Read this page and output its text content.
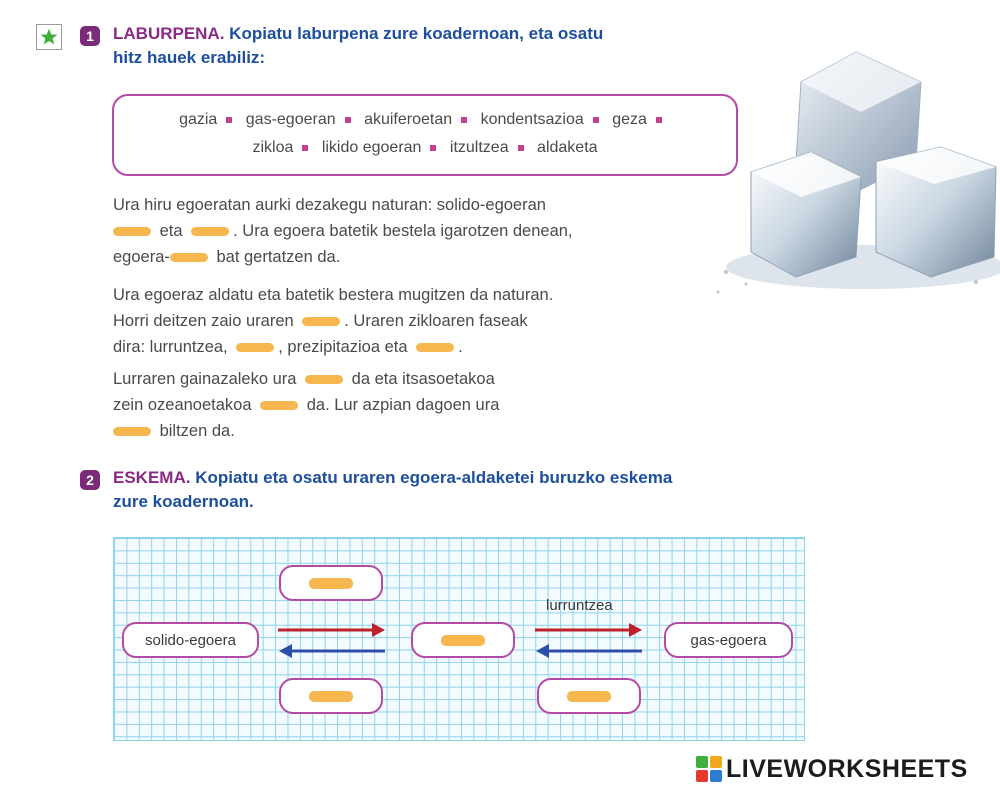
1	LABURPENA. Kopiatu laburpena zure koadernoan, eta osatu
hitz hauek erabiliz:
gazia gas-egoeran akuiferoetan kondentsazioa geza
zikloa likido egoeran itzultzea aldaketa
Ura hiru egoeratan aurki dezakegu naturan: solido-egoeran
eta	. Ura egoera batetik bestela igarotzen denean,
egoera-	bat gertatzen da.
Ura egoeraz aldatu eta batetik bestera mugitzen da naturan.
Horri deitzen zaio uraren	. Uraren zikloaren faseak
dira: lurruntzea,	, prezipitazioa eta	.
Lurraren gainazaleko ura	da eta itsasoetakoa
zein ozeanoetakoa	da. Lur azpian dagoen ura
biltzen da.
2	ESKEMA. Kopiatu eta osatu uraren egoera-aldaketei buruzko eskema
zure koadernoan.
solido-egoera	gas-egoera
lurruntzea
LIVEWORKSHEETS
